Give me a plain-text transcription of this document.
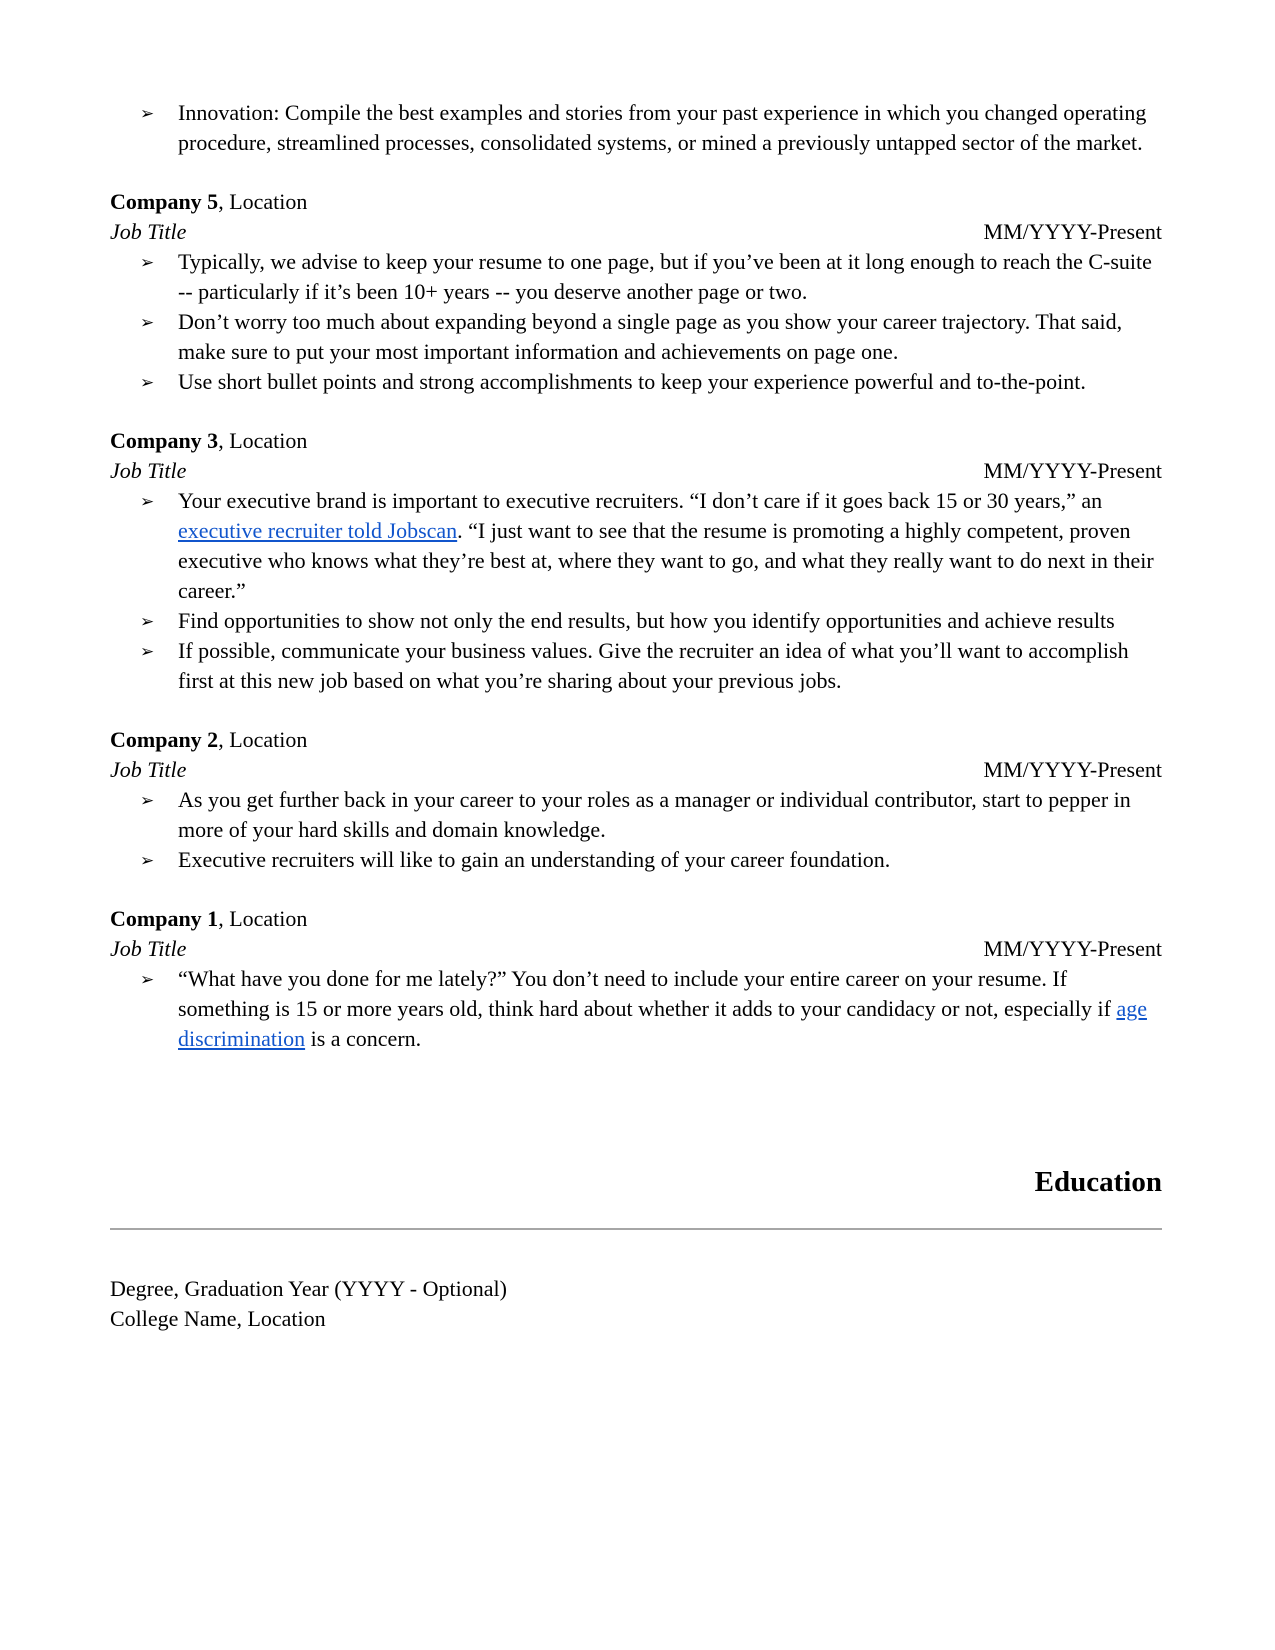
➢ Innovation: Compile the best examples and stories from your past experience in which you changed operating procedure, streamlined processes, consolidated systems, or mined a previously untapped sector of the market.
Company 5, Location
Job Title	MM/YYYY-Present
➢ Typically, we advise to keep your resume to one page, but if you’ve been at it long enough to reach the C-suite -- particularly if it’s been 10+ years -- you deserve another page or two.
➢ Don’t worry too much about expanding beyond a single page as you show your career trajectory. That said, make sure to put your most important information and achievements on page one.
➢ Use short bullet points and strong accomplishments to keep your experience powerful and to-the-point.
Company 3, Location
Job Title	MM/YYYY-Present
➢ Your executive brand is important to executive recruiters. “I don’t care if it goes back 15 or 30 years,” an executive recruiter told Jobscan. “I just want to see that the resume is promoting a highly competent, proven executive who knows what they’re best at, where they want to go, and what they really want to do next in their career.”
➢ Find opportunities to show not only the end results, but how you identify opportunities and achieve results
➢ If possible, communicate your business values. Give the recruiter an idea of what you’ll want to accomplish first at this new job based on what you’re sharing about your previous jobs.
Company 2, Location
Job Title	MM/YYYY-Present
➢ As you get further back in your career to your roles as a manager or individual contributor, start to pepper in more of your hard skills and domain knowledge.
➢ Executive recruiters will like to gain an understanding of your career foundation.
Company 1, Location
Job Title	MM/YYYY-Present
➢ “What have you done for me lately?” You don’t need to include your entire career on your resume. If something is 15 or more years old, think hard about whether it adds to your candidacy or not, especially if age discrimination is a concern.
Education
Degree, Graduation Year (YYYY - Optional)
College Name, Location
